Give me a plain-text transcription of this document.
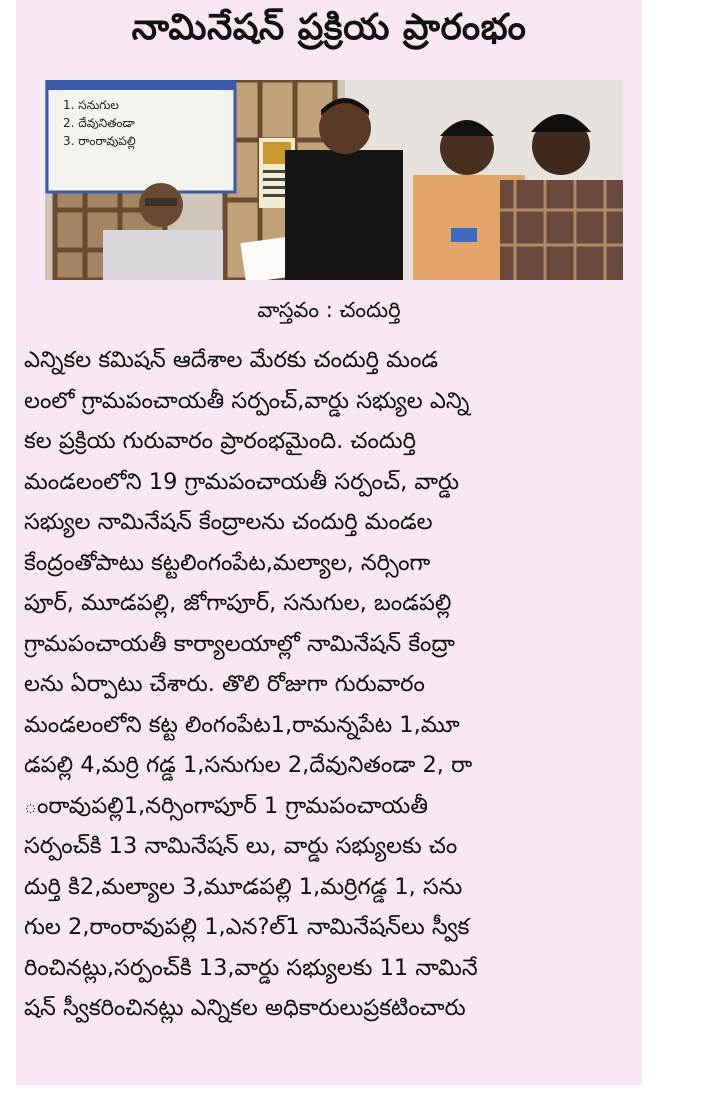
నామినేషన్ ప్రక్రియ ప్రారంభం
1. సనుగుల
2. దేవునితండా
3. రాంరావుపల్లి
వాస్తవం : చందుర్తి
ఎన్నికల కమిషన్ ఆదేశాల మేరకు చందుర్తి మండ
లంలో గ్రామపంచాయతీ సర్పంచ్,వార్డు సభ్యుల ఎన్ని
కల ప్రక్రియ గురువారం ప్రారంభమైంది. చందుర్తి
మండలంలోని 19 గ్రామపంచాయతీ సర్పంచ్, వార్డు
సభ్యుల నామినేషన్ కేంద్రాలను చందుర్తి మండల
కేంద్రంతోపాటు కట్టలింగంపేట,మల్యాల, నర్సింగా
పూర్, మూడపల్లి, జోగాపూర్, సనుగుల, బండపల్లి
గ్రామపంచాయతీ కార్యాలయాల్లో నామినేషన్ కేంద్రా
లను ఏర్పాటు చేశారు. తొలి రోజుగా గురువారం
మండలంలోని కట్ట లింగంపేట1,రామన్నపేట 1,మూ
డపల్లి 4,మర్రి గడ్డ 1,సనుగుల 2,దేవునితండా 2, రా
ంరావుపల్లి1,నర్సింగాపూర్ 1 గ్రామపంచాయతీ
సర్పంచ్‌కి 13 నామినేషన్ లు, వార్డు సభ్యులకు చం
దుర్తి కి2,మల్యాల 3,మూడపల్లి 1,మర్రిగడ్డ 1, సను
గుల 2,రాంరావుపల్లి 1,ఎన?ల్1 నామినేషన్‌లు స్వీక
రించినట్లు,సర్పంచ్‌కి 13,వార్డు సభ్యులకు 11 నామినే
షన్ స్వీకరించినట్లు ఎన్నికల అధికారులుప్రకటించారు
